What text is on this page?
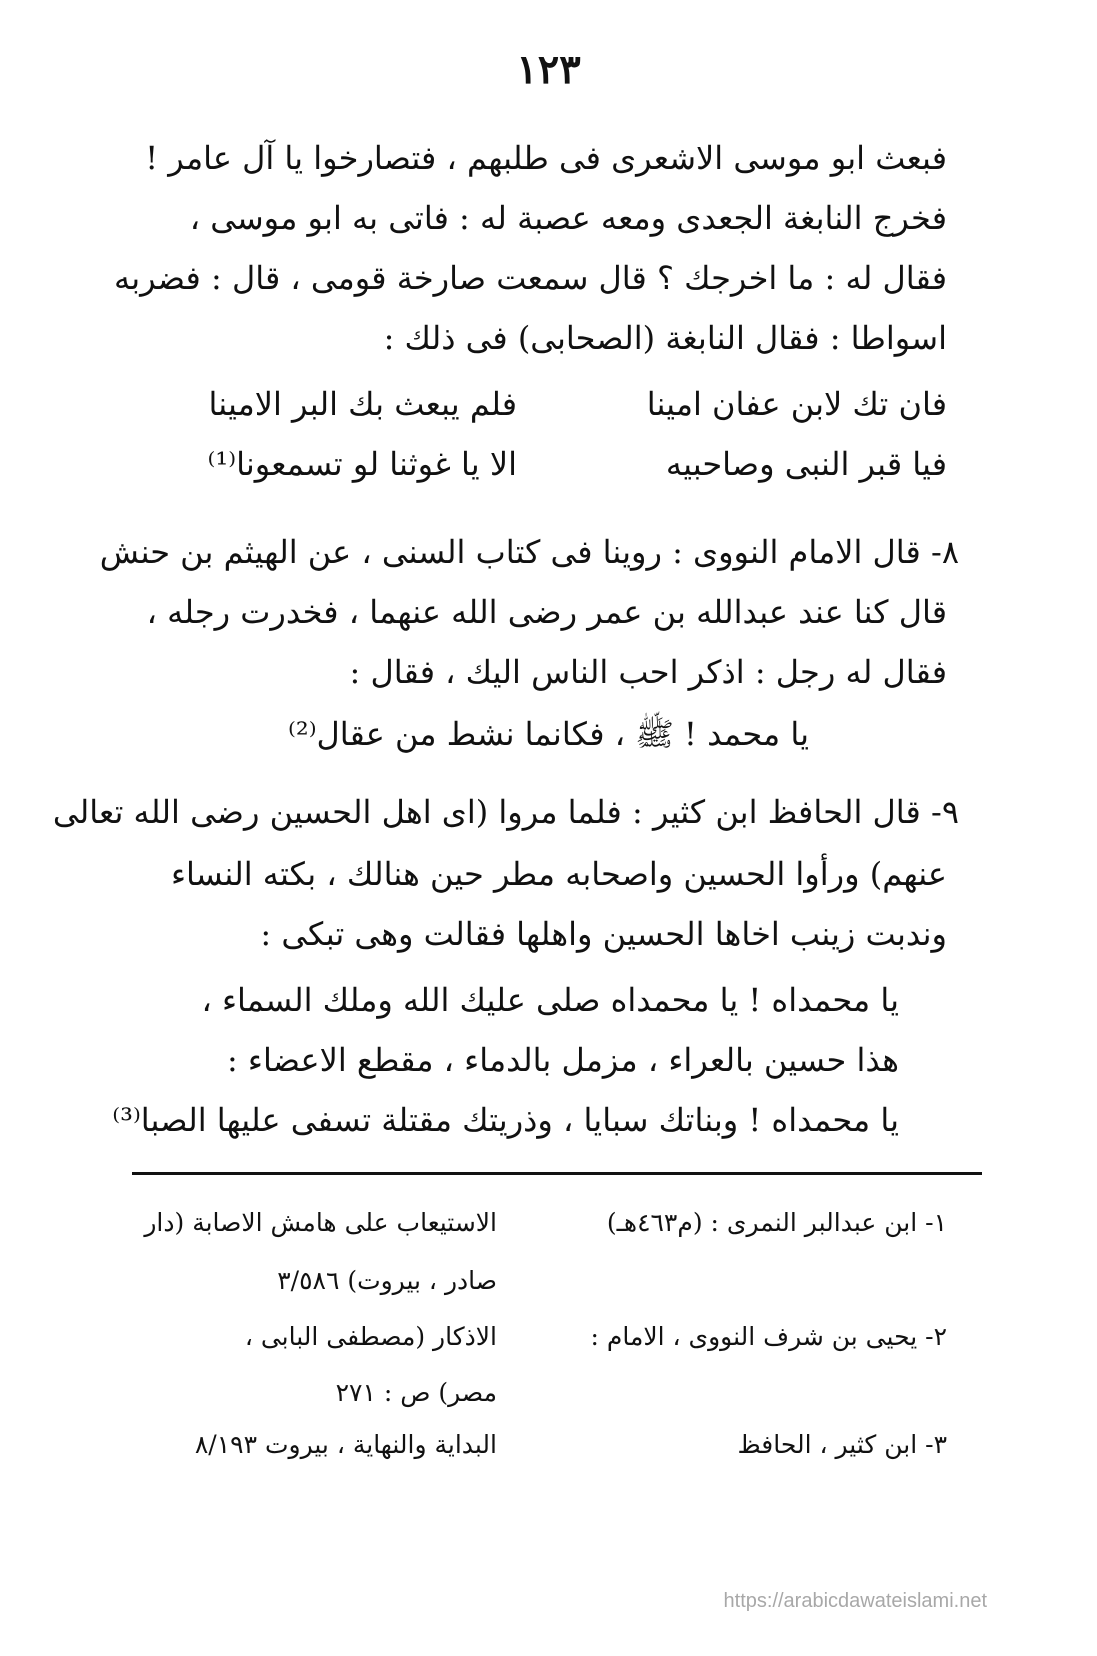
١٢٣
فبعث ابو موسى الاشعرى فى طلبهم ، فتصارخوا يا آل عامر !
فخرج النابغة الجعدى ومعه عصبة له : فاتى به ابو موسى ،
فقال له : ما اخرجك ؟ قال سمعت صارخة قومى ، قال : فضربه
اسواطا : فقال النابغة (الصحابى) فى ذلك :
فان تك لابن عفان امينا
فلم يبعث بك البر الامينا
فيا قبر النبى وصاحبيه
الا يا غوثنا لو تسمعونا⁽¹⁾
٨- قال الامام النووى : روينا فى كتاب السنى ، عن الهيثم بن حنش
قال كنا عند عبدالله بن عمر رضى الله عنهما ، فخدرت رجله ،
فقال له رجل : اذكر احب الناس اليك ، فقال :
يا محمد ! ﷺ ، فكانما نشط من عقال⁽²⁾
٩- قال الحافظ ابن كثير : فلما مروا (اى اهل الحسين رضى الله تعالى
عنهم) ورأوا الحسين واصحابه مطر حين هنالك ، بكته النساء
وندبت زينب اخاها الحسين واهلها فقالت وهى تبكى :
يا محمداه ! يا محمداه صلى عليك الله وملك السماء ،
هذا حسين بالعراء ، مزمل بالدماء ، مقطع الاعضاء :
يا محمداه ! وبناتك سبايا ، وذريتك مقتلة تسفى عليها الصبا⁽³⁾
١- ابن عبدالبر النمرى : (م٤٦٣هـ)
الاستيعاب على هامش الاصابة (دار
صادر ، بيروت) ٣/٥٨٦
٢- يحيى بن شرف النووى ، الامام :
الاذكار (مصطفى البابى ،
مصر) ص : ٢٧١
٣- ابن كثير ، الحافظ
البداية والنهاية ، بيروت ٨/١٩٣
https://arabicdawateislami.net
